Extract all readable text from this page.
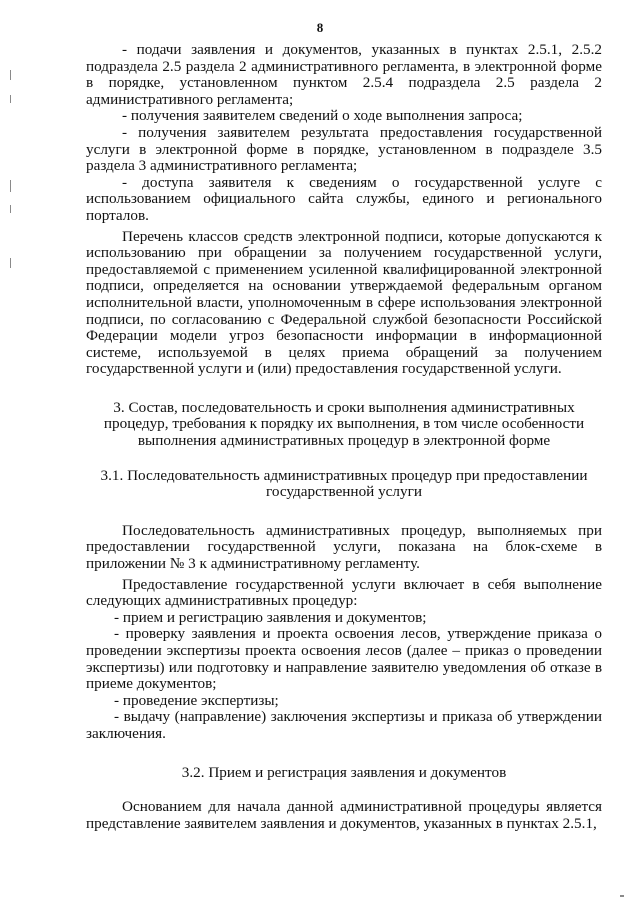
8

- подачи заявления и документов, указанных в пунктах 2.5.1, 2.5.2 подраздела 2.5 раздела 2 административного регламента, в электронной форме в порядке, установленном пунктом 2.5.4 подраздела 2.5 раздела 2 административного регламента;

- получения заявителем сведений о ходе выполнения запроса;

- получения заявителем результата предоставления государственной услуги в электронной форме в порядке, установленном в подразделе 3.5 раздела 3 административного регламента;

- доступа заявителя к сведениям о государственной услуге с использованием официального сайта службы, единого и регионального порталов.

Перечень классов средств электронной подписи, которые допускаются к использованию при обращении за получением государственной услуги, предоставляемой с применением усиленной квалифицированной электронной подписи, определяется на основании утверждаемой федеральным органом исполнительной власти, уполномоченным в сфере использования электронной подписи, по согласованию с Федеральной службой безопасности Российской Федерации модели угроз безопасности информации в информационной системе, используемой в целях приема обращений за получением государственной услуги и (или) предоставления государственной услуги.

3. Состав, последовательность и сроки выполнения административных процедур, требования к порядку их выполнения, в том числе особенности выполнения административных процедур в электронной форме

3.1. Последовательность административных процедур при предоставлении государственной услуги

Последовательность административных процедур, выполняемых при предоставлении государственной услуги, показана на блок-схеме в приложении № 3 к административному регламенту.

Предоставление государственной услуги включает в себя выполнение следующих административных процедур:

- прием и регистрацию заявления и документов;

- проверку заявления и проекта освоения лесов, утверждение приказа о проведении экспертизы проекта освоения лесов (далее – приказ о проведении экспертизы) или подготовку и направление заявителю уведомления об отказе в приеме документов;

- проведение экспертизы;

- выдачу (направление) заключения экспертизы и приказа об утверждении заключения.

3.2. Прием и регистрация заявления и документов

Основанием для начала данной административной процедуры является представление заявителем заявления и документов, указанных в пунктах 2.5.1,
